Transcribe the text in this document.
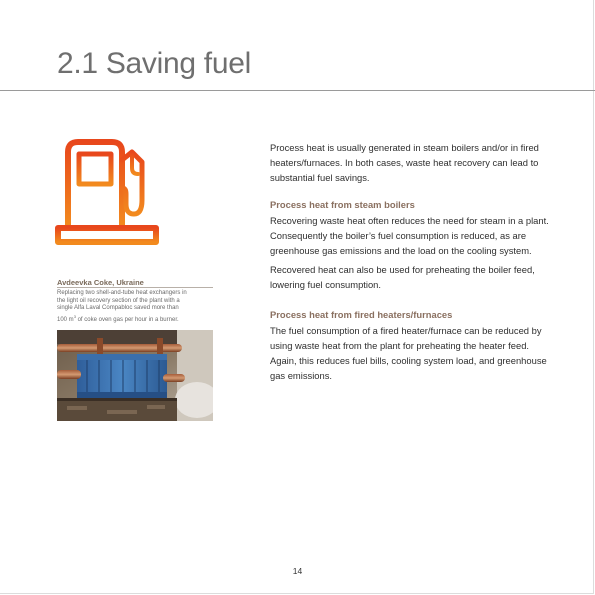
2.1 Saving fuel

Avdeevka Coke, Ukraine

Replacing two shell-and-tube heat exchangers in
the light oil recovery section of the plant with a
single Alfa Laval Compabloc saved more than
100 $m^3$ of coke oven gas per hour in a burner.

Process heat is usually generated in steam boilers and/or in fired heaters/furnaces. In both cases, waste heat recovery can lead to substantial fuel savings.

Process heat from steam boilers

Recovering waste heat often reduces the need for steam in a plant. Consequently the boiler’s fuel consumption is reduced, as are greenhouse gas emissions and the load on the cooling system.

Recovered heat can also be used for preheating the boiler feed, lowering fuel consumption.

Process heat from fired heaters/furnaces

The fuel consumption of a fired heater/furnace can be reduced by using waste heat from the plant for preheating the heater feed. Again, this reduces fuel bills, cooling system load, and greenhouse gas emissions.

14
